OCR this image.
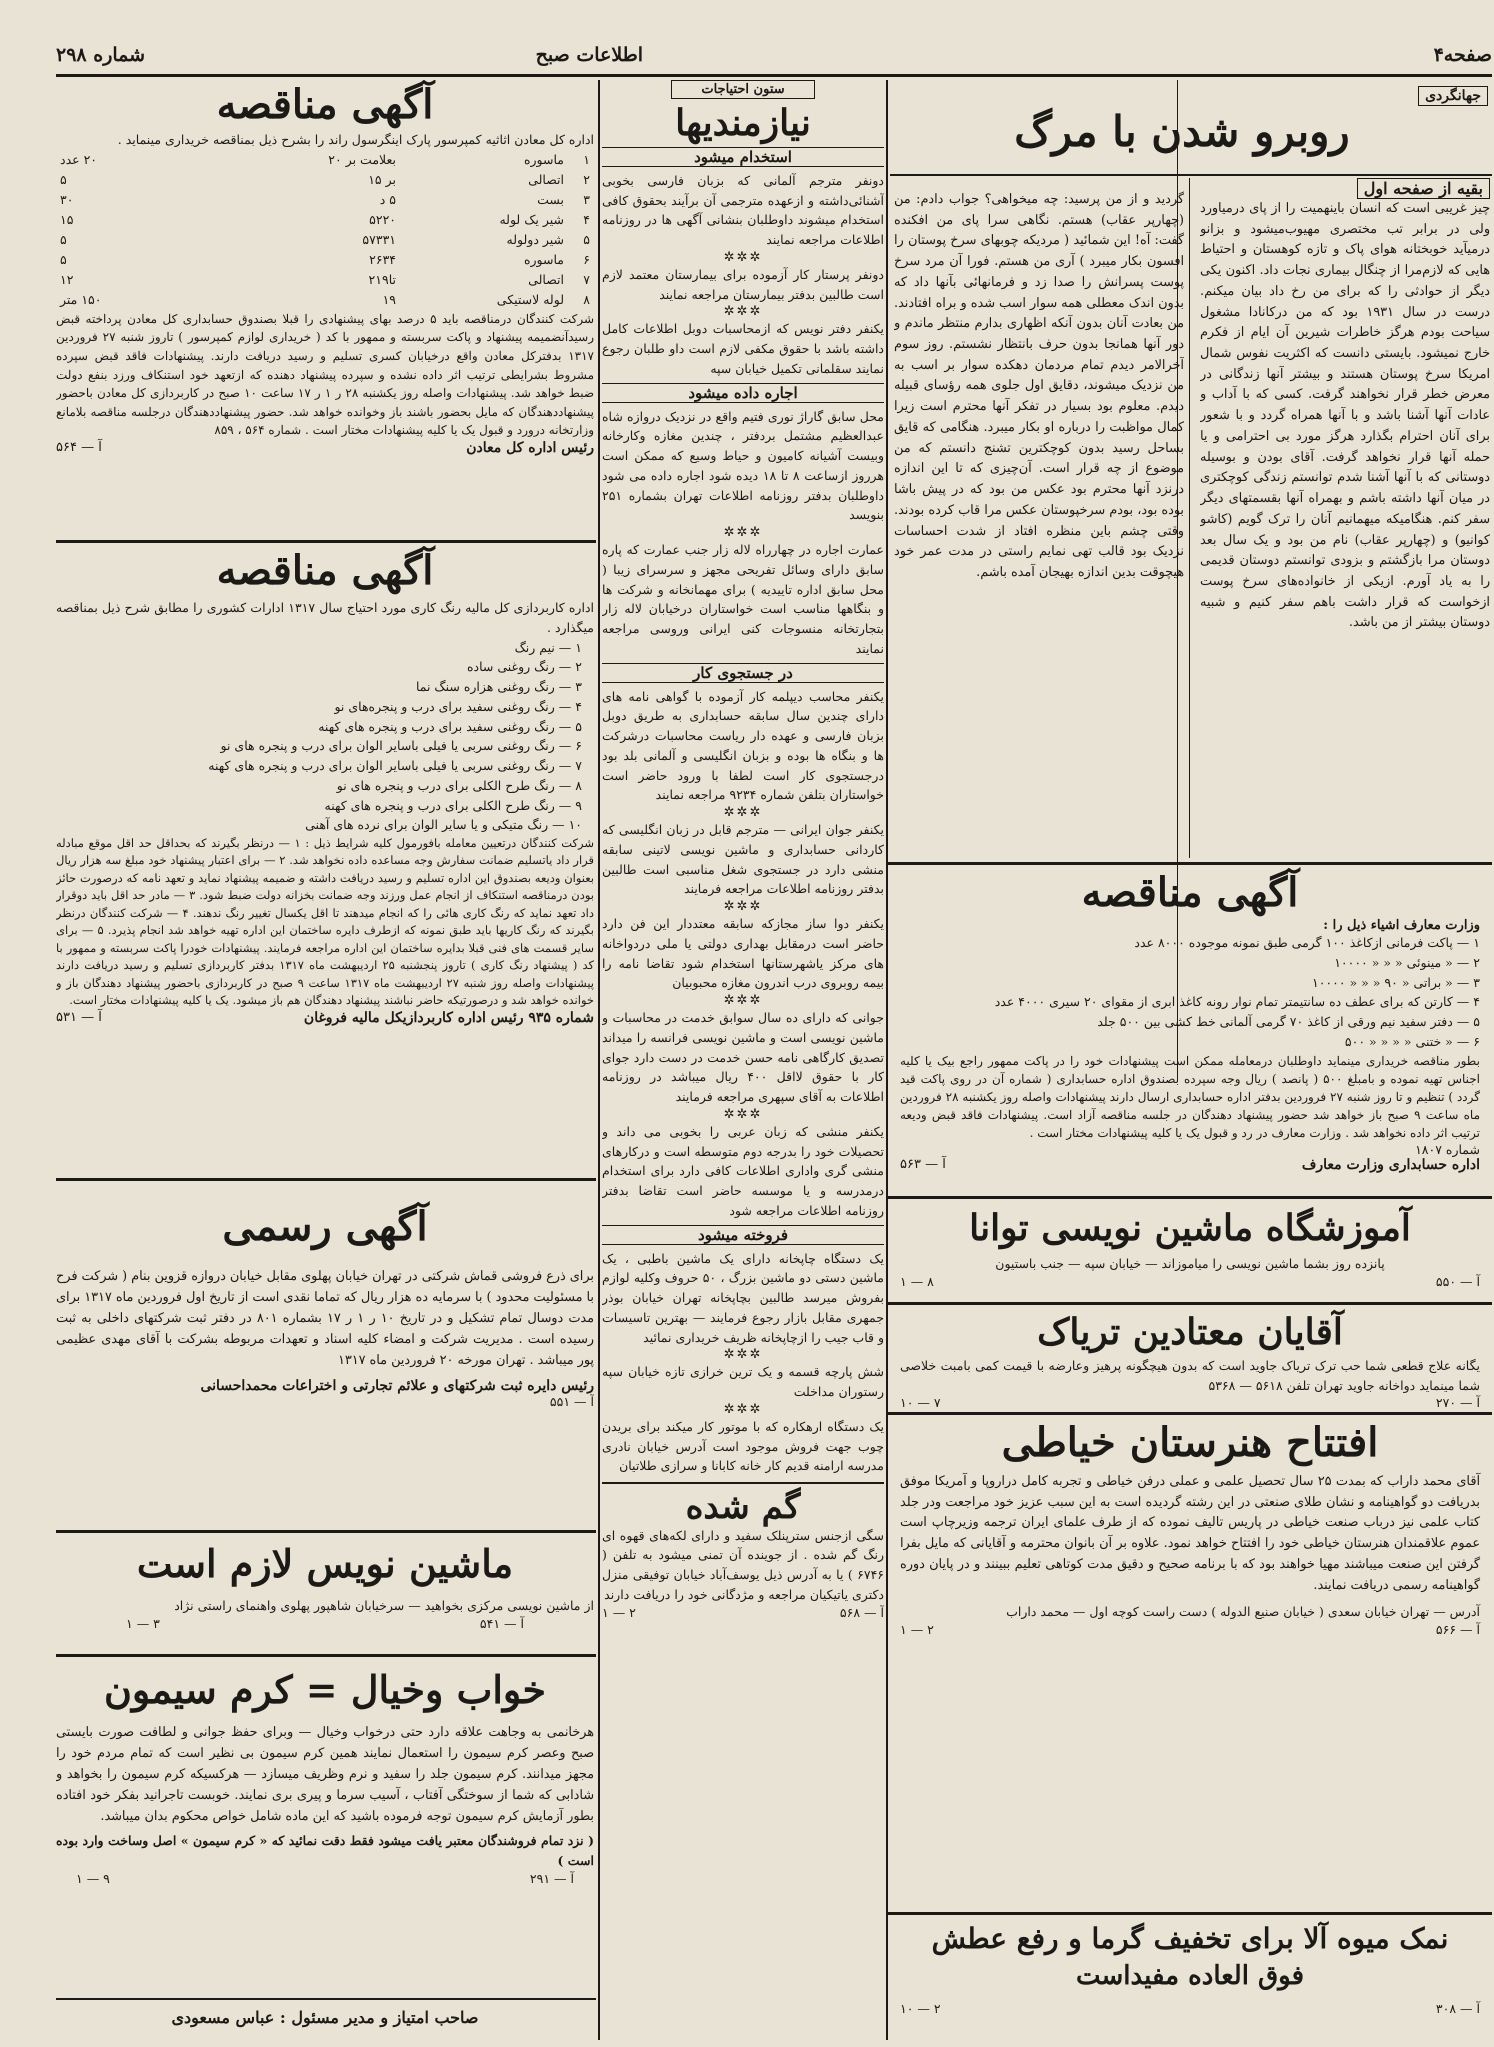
صفحه۴
اطلاعات صبح
شماره ۲۹۸
جهانگردی
روبرو شدن با مرگ
بقیه از صفحه اول

چیز غریبی است که انسان باینهمیت را از پای درمیاورد ولی در برابر تب مختصری مهیوب‌میشود و بزانو درمیآید خوبختانه هوای پاک و تازه کوهستان و احتیاط هایی که لازم‌مرا از چنگال بیماری نجات داد. اکنون یکی دیگر از حوادثی را که برای من رخ داد بیان میکنم. درست در سال ۱۹۳۱ بود که من درکانادا مشغول سیاحت بودم هرگز خاطرات شیرین آن ایام از فکرم خارج نمیشود. بایستی دانست که اکثریت نفوس شمال امریکا سرخ پوستان هستند و بیشتر آنها زندگانی در معرض خطر قرار نخواهند گرفت. کسی که با آداب و عادات آنها آشنا باشد و با آنها همراه گردد و با شعور برای آنان احترام بگذارد هرگز مورد بی احترامی و یا حمله آنها قرار نخواهد گرفت. آقای بودن و بوسیله دوستانی که با آنها آشنا شدم توانستم زندگی کوچکتری در میان آنها داشته باشم و بهمراه آنها بقسمتهای دیگر سفر کنم. هنگامیکه میهمانیم آنان را ترک گویم (کاشو کوانیو) و (چهارپر عقاب) نام من بود و یک سال بعد دوستان مرا بازگشتم و بزودی توانستم دوستان قدیمی را به یاد آورم. ازیکی از خانواده‌های سرخ پوست ازخواست که قرار داشت باهم سفر کنیم و شبیه دوستان بیشتر از من باشد.

گردید و از من پرسید: چه میخواهی؟ جواب دادم: من (چهارپر عقاب) هستم. نگاهی سرا پای من افکنده گفت: آه! این شمائید ( مردیکه چوبهای سرخ پوستان را افسون بکار میبرد ) آری من هستم. فورا آن مرد سرخ پوست پسرانش را صدا زد و فرمانهائی بآنها داد که بدون اندک معطلی همه سوار اسب شده و براه افتادند. من بعادت آنان بدون آنکه اظهاری بدارم منتظر ماندم و دور آنها همانجا بدون حرف بانتظار نشستم. روز سوم آخرالامر دیدم تمام مردمان دهکده سوار بر اسب به من نزدیک میشوند، دقایق اول جلوی همه رؤسای قبیله دیدم. معلوم بود بسیار در تفکر آنها محترم است زیرا کمال مواظبت را درباره او بکار میبرد. هنگامی که قایق بساحل رسید بدون کوچکترین تشنج دانستم که من موضوع از چه قرار است. آن‌چیزی که تا این اندازه درنزد آنها محترم بود عکس من بود که در پیش باشا بوده بود، بودم سرخپوستان عکس مرا قاب کرده بودند. وقتی چشم باین منظره افتاد از شدت احساسات نزدیک بود قالب تهی نمایم راستی در مدت عمر خود هیچوقت بدین اندازه بهیجان آمده باشم.

آگهی مناقصه
وزارت معارف اشیاء ذیل را :
۱ — پاکت فرمانی ازکاغذ ۱۰۰ گرمی طبق نمونه موجوده ۸۰۰۰ عدد
۲ — « مینوئی « « « ۱۰۰۰۰
۳ — « براتی « ۹۰ « « « ۱۰۰۰۰
۴ — کارتن که برای عطف ده سانتیمتر تمام نوار رونه کاغذ ابری از مقوای ۲۰ سیری ۴۰۰۰ عدد
۵ — دفتر سفید نیم ورقی از کاغذ ۷۰ گرمی آلمانی خط کشی بین ۵۰۰ جلد
۶ — « ختنی « « « « ۵۰۰

بطور مناقصه خریداری مینماید داوطلبان درمعامله ممکن است پیشنهادات خود را در پاکت ممهور راجع بیک یا کلیه اجناس تهیه نموده و بامبلغ ۵۰۰ ( پانصد ) ریال وجه سپرده بصندوق اداره حسابداری ( شماره آن در روی پاکت قید گردد ) تنظیم و تا روز شنبه ۲۷ فروردین بدفتر اداره حسابداری ارسال دارند پیشنهادات واصله روز یکشنبه ۲۸ فروردین ماه ساعت ۹ صبح باز خواهد شد حضور پیشنهاد دهندگان در جلسه مناقصه آزاد است. پیشنهادات فاقد قبض ودیعه ترتیب اثر داده نخواهد شد . وزارت معارف در رد و قبول یک یا کلیه پیشنهادات مختار است .

شماره ۱۸۰۷
اداره حسابداری وزارت معارف
آ — ۵۶۳
آموزشگاه ماشین نویسی توانا
پانزده روز بشما ماشین نویسی را میاموزاند — خیابان سپه — جنب باستیون
آ — ۵۵۰
۸ — ۱
آقایان معتادین تریاک

یگانه علاج قطعی شما حب ترک تریاک جاوید است که بدون هیچگونه پرهیز وعارضه با قیمت کمی بامبت خلاصی شما مینماید دواخانه جاوید تهران تلفن ۵۶۱۸ — ۵۳۶۸

آ — ۲۷۰
۷ — ۱۰
افتتاح هنرستان خیاطی

آقای محمد داراب که بمدت ۲۵ سال تحصیل علمی و عملی درفن خیاطی و تجربه کامل دراروپا و آمریکا موفق بدریافت دو گواهینامه و نشان طلای صنعتی در این رشته گردیده است به این سبب عزیز خود مراجعت ودر جلد کتاب علمی نیز درباب صنعت خیاطی در پاریس تالیف نموده که از طرف علمای ایران ترجمه وزیرچاپ است عموم علاقمندان هنرستان خیاطی خود را افتتاح خواهد نمود. علاوه بر آن بانوان محترمه و آقایانی که مایل بفرا گرفتن این صنعت میباشند مهیا خواهند بود که با برنامه صحیح و دقیق مدت کوتاهی تعلیم ببینند و در پایان دوره گواهینامه رسمی دریافت نمایند.

آدرس — تهران خیابان سعدی ( خیابان صنیع الدوله ) دست راست کوچه اول — محمد داراب

آ — ۵۶۶
۲ — ۱
نمک میوه آلا برای تخفیف گرما و رفع عطش
فوق العاده مفیداست
آ — ۳۰۸
۲ — ۱۰
ستون احتیاجات
نیازمندیها
استخدام میشود

دونفر مترجم آلمانی که بزبان فارسی بخوبی آشنائی‌داشته و ازعهده مترجمی آن برآیند بحقوق کافی استخدام میشوند داوطلبان بنشانی آگهی ها در روزنامه اطلاعات مراجعه نمایند

✲✲✲

دونفر پرستار کار آزموده برای بیمارستان معتمد لازم است طالبین بدفتر بیمارستان مراجعه نمایند

✲✲✲

یکنفر دفتر نویس که ازمحاسبات دوبل اطلاعات کامل داشته باشد با حقوق مکفی لازم است داو طلبان رجوع نمایند سقلمانی تکمیل خیابان سپه

اجاره داده میشود

محل سابق گاراژ نوری فتیم واقع در نزدیک دروازه شاه عبدالعظیم مشتمل بردفتر ، چندین مغازه وکارخانه وبیست آشیانه کامیون و حیاط وسیع که ممکن است هرروز ازساعت ۸ تا ۱۸ دیده شود اجاره داده می شود داوطلبان بدفتر روزنامه اطلاعات تهران بشماره ۲۵۱ بنویسد

✲✲✲

عمارت اجاره در چهارراه لاله زار جنب عمارت که پاره سابق دارای وسائل تفریحی مجهز و سرسرای زیبا ( محل سابق اداره تاییدیه ) برای مهمانخانه و شرکت ها و بنگاهها مناسب است خواستاران درخیابان لاله زار بتجارتخانه منسوجات کنی ایرانی وروسی مراجعه نمایند

در جستجوی کار

یکنفر محاسب دیپلمه کار آزموده با گواهی نامه های دارای چندین سال سابقه حسابداری به طریق دوبل بزبان فارسی و عهده دار ریاست محاسبات درشرکت ها و بنگاه ها بوده و بزبان انگلیسی و آلمانی بلد بود درجستجوی کار است لطفا با ورود حاضر است خواستاران بتلفن شماره ۹۲۳۴ مراجعه نمایند

✲✲✲

یکنفر جوان ایرانی — مترجم قابل در زبان انگلیسی که کاردانی حسابداری و ماشین نویسی لاتینی سابقه منشی دارد در جستجوی شغل مناسبی است طالبین بدفتر روزنامه اطلاعات مراجعه فرمایند

✲✲✲

یکنفر دوا ساز مجازکه سابقه معتددار این فن دارد حاضر است درمقابل بهداری دولتی یا ملی دردواخانه های مرکز یاشهرستانها استخدام شود تقاضا نامه را بیمه روبروی درب اندرون مغازه محبوبیان

✲✲✲

جوانی که دارای ده سال سوابق خدمت در محاسبات و ماشین نویسی است و ماشین نویسی فرانسه را میداند تصدیق کارگاهی نامه حسن خدمت در دست دارد جوای کار با حقوق لااقل ۴۰۰ ریال میباشد در روزنامه اطلاعات به آقای سپهری مراجعه فرمایند

✲✲✲

یکنفر منشی که زبان عربی را بخوبی می داند و تحصیلات خود را بدرجه دوم متوسطه است و درکارهای منشی گری واداری اطلاعات کافی دارد برای استخدام درمدرسه و یا موسسه حاضر است تقاضا بدفتر روزنامه اطلاعات مراجعه شود

فروخته میشود

یک دستگاه چاپخانه دارای یک ماشین باطبی ، یک ماشین دستی دو ماشین بزرگ ، ۵۰ حروف وکلیه لوازم بفروش میرسد طالبین بچاپخانه تهران خیابان بوذر جمهری مقابل بازار رجوع فرمایند — بهترین تاسیسات و قاب جیب را ازچاپخانه ظریف خریداری نمائید

✲✲✲

شش پارچه قسمه و یک ترین خرازی تازه خیابان سپه رستوران مداخلت

✲✲✲

یک دستگاه ارهکاره که با موتور کار میکند برای بریدن چوب جهت فروش موجود است آدرس خیابان نادری مدرسه ارامنه قدیم کار خانه کابانا و سرازی طلاتیان

گم شده

سگی ازجنس سترپنلک سفید و دارای لکه‌های قهوه ای رنگ گم شده . از جوینده آن تمنی میشود به تلفن ( ۶۷۴۶ ) یا به آدرس ذیل یوسف‌آباد خیابان توفیقی منزل دکتری یاتیکیان مراجعه و مژدگانی خود را دریافت دارند

آ — ۵۶۸
۲ — ۱
آگهی مناقصه

اداره کل معادن اثاثیه کمپرسور پارک اینگرسول راند را بشرح ذیل بمناقصه خریداری مینماید .

۱
ماسوره
بعلامت بر ۲۰
۲۰ عدد
۲
اتصالی
بر ۱۵
۵
۳
بست
۵ د
۳۰
۴
شیر یک لوله
۵۲۲۰
۱۵
۵
شیر دولوله
۵۷۳۳۱
۵
۶
ماسوره
۲۶۳۴
۵
۷
اتصالی
تا۲۱۹
۱۲
۸
لوله لاستیکی
۱۹
۱۵۰ متر

شرکت کنندگان درمناقصه باید ۵ درصد بهای پیشنهادی را قبلا بصندوق حسابداری کل معادن پرداخته قبض رسیدآنضمیمه پیشنهاد و پاکت سربسته و ممهور با کد ( خریداری لوازم کمپرسور ) تاروز شنبه ۲۷ فروردین ۱۳۱۷ بدفترکل معادن واقع درخیابان کسری تسلیم و رسید دریافت دارند. پیشنهادات فاقد قبض سپرده مشروط بشرایطی ترتیب اثر داده نشده و سپرده پیشنهاد دهنده که ازتعهد خود استنکاف ورزد بنفع دولت ضبط خواهد شد. پیشنهادات واصله روز یکشنبه ۲۸ ر ۱ ر ۱۷ ساعت ۱۰ صبح در کاربردازی کل معادن باحضور پیشنهاددهندگان که مایل بحضور باشند باز وخوانده خواهد شد. حضور پیشنهاددهندگان درجلسه مناقصه بلامانع وزارتخانه درورد و قبول یک یا کلیه پیشنهادات مختار است . شماره ۵۶۴ ، ۸۵۹

رئیس اداره کل معادن
آ — ۵۶۴
آگهی مناقصه

اداره کاربردازی کل مالیه رنگ کاری مورد احتیاج سال ۱۳۱۷ ادارات کشوری را مطابق شرح ذیل بمناقصه میگذارد .

۱ — نیم رنگ
۲ — رنگ روغنی ساده
۳ — رنگ روغنی هزاره سنگ نما
۴ — رنگ روغنی سفید برای درب و پنجره‌های نو
۵ — رنگ روغنی سفید برای درب و پنجره های کهنه
۶ — رنگ روغنی سربی یا فیلی باسایر الوان برای درب و پنجره های نو
۷ — رنگ روغنی سربی یا فیلی باسایر الوان برای درب و پنجره های کهنه
۸ — رنگ طرح الکلی برای درب و پنجره های نو
۹ — رنگ طرح الکلی برای درب و پنجره های کهنه
۱۰ — رنگ متیکی و یا سایر الوان برای نرده های آهنی

شرکت کنندگان درتعیین معامله بافورمول کلیه شرایط ذیل : ۱ — درنظر بگیرند که بحداقل حد اقل موقع مبادله قرار داد یاتسلیم ضمانت سفارش وجه مساعده داده نخواهد شد. ۲ — برای اعتبار پیشنهاد خود مبلغ سه هزار ریال بعنوان ودیعه بصندوق این اداره تسلیم و رسید دریافت داشته و ضمیمه پیشنهاد نماید و تعهد نامه که درصورت حائز بودن درمناقصه استنکاف از انجام عمل ورزند وجه ضمانت بخزانه دولت ضبط شود. ۳ — مادر حد اقل باید دوقرار داد تعهد نماید که رنگ کاری هائی را که انجام میدهند تا اقل یکسال تغییر رنگ ندهند. ۴ — شرکت کنندگان درنظر بگیرند که رنگ کاریها باید طبق نمونه که ازطرف دایره ساختمان این اداره تهیه خواهد شد انجام پذیرد. ۵ — برای سایر قسمت های فنی قبلا بدایره ساختمان این اداره مراجعه فرمایند. پیشنهادات خودرا پاکت سربسته و ممهور با کد ( پیشنهاد رنگ کاری ) تاروز پنجشنبه ۲۵ اردیبهشت ماه ۱۳۱۷ بدفتر کاربردازی تسلیم و رسید دریافت دارند پیشنهادات واصله روز شنبه ۲۷ اردیبهشت ماه ۱۳۱۷ ساعت ۹ صبح در کاربردازی باحضور پیشنهاد دهندگان باز و خوانده خواهد شد و درصورتیکه حاضر نباشند پیشنهاد دهندگان هم باز میشود. یک یا کلیه پیشنهادات مختار است.

شماره ۹۳۵ رئیس اداره کاربردازیکل مالیه فروغان
آ — ۵۳۱
آگهی رسمی

برای ذرع فروشی قماش شرکتی در تهران خیابان پهلوی مقابل خیابان دروازه قزوین بنام ( شرکت فرح با مسئولیت محدود ) با سرمایه ده هزار ریال که تماما نقدی است از تاریخ اول فروردین ماه ۱۳۱۷ برای مدت دوسال تمام تشکیل و در تاریخ ۱۰ ر ۱ ر ۱۷ بشماره ۸۰۱ در دفتر ثبت شرکتهای داخلی به ثبت رسیده است . مدیریت شرکت و امضاء کلیه اسناد و تعهدات مربوطه بشرکت با آقای مهدی عظیمی پور میباشد . تهران مورخه ۲۰ فروردین ماه ۱۳۱۷

رئیس دایره ثبت شرکتهای و علائم تجارتی و اختراعات محمداحسانی
آ — ۵۵۱
ماشین نویس لازم است

از ماشین نویسی مرکزی بخواهید — سرخیابان شاهپور پهلوی واهنمای راستی نژاد

آ — ۵۴۱
۳ — ۱
خواب وخیال = کرم سیمون

هرخانمی به وجاهت علاقه دارد حتی درخواب وخیال — وبرای حفظ جوانی و لطافت صورت بایستی صبح وعصر کرم سیمون را استعمال نمایند همین کرم سیمون بی نظیر است که تمام مردم خود را مجهز میدانند. کرم سیمون جلد را سفید و نرم وظریف میسازد — هرکسیکه کرم سیمون را بخواهد و شادابی که شما از سوختگی آفتاب ، آسیب سرما و پیری بری نمایند. خوبست تاجرانید بفکر خود افتاده بطور آزمایش کرم سیمون توجه فرموده باشید که این ماده شامل خواص محکوم بدان میباشد.

( نزد تمام فروشندگان معتبر یافت میشود فقط دقت نمائید که « کرم سیمون » اصل وساخت وارد بوده است )

آ — ۲۹۱
۹ — ۱
صاحب امتیاز و مدیر مسئول : عباس مسعودی
